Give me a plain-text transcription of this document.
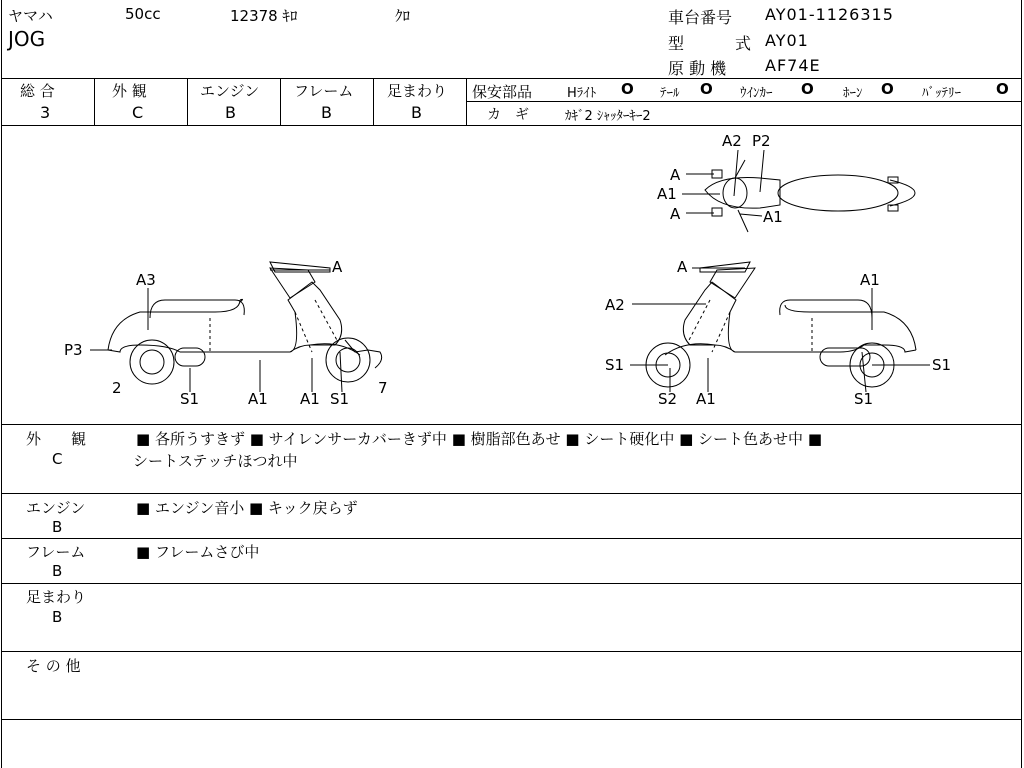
ヤマハ	50cc	12378 ｷﾛ	ｸﾛ
JOG
車台番号 AY01-1126315
型	式 AY01
原 動 機 AF74E
総 合
3
外 観
C
エンジン
B
フレーム
B
足まわり
B
保安部品	Hﾗｲﾄ O ﾃｰﾙ O ｳｲﾝｶｰ O ﾎｰﾝ O ﾊﾞｯﾃﾘｰ O
カ　ギ	ｶｷﾞ2 ｼｬｯﾀｰｷｰ2
A2 P2
A
A1
A	A1
A
A3
P3
2
S1	A1 A1 S1
7
A
A1
A2
S1
S2 A1
S1
S1
外　　観
C
■ 各所うすきず ■ サイレンサーカバーきず中 ■ 樹脂部色あせ ■ シート硬化中 ■ シート色あせ中 ■
シートステッチほつれ中
エンジン
B
■ エンジン音小 ■ キック戻らず
フレーム
B
■ フレームさび中
足まわり
B
そ の 他
